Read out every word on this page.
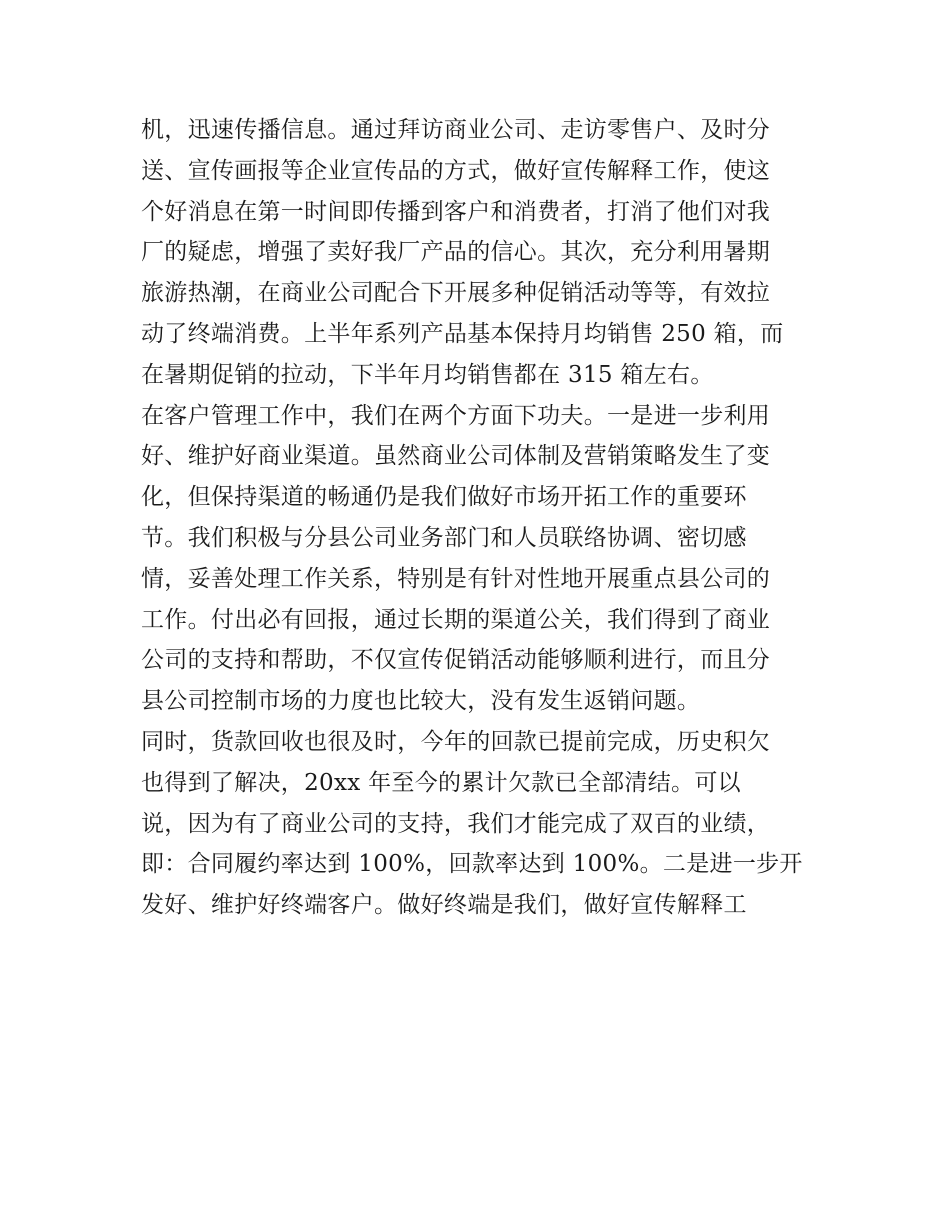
机，迅速传播信息。通过拜访商业公司、走访零售户、及时分
送、宣传画报等企业宣传品的方式，做好宣传解释工作，使这
个好消息在第一时间即传播到客户和消费者，打消了他们对我
厂的疑虑，增强了卖好我厂产品的信心。其次，充分利用暑期
旅游热潮，在商业公司配合下开展多种促销活动等等，有效拉
动了终端消费。上半年系列产品基本保持月均销售 250 箱，而
在暑期促销的拉动，下半年月均销售都在 315 箱左右。
在客户管理工作中，我们在两个方面下功夫。一是进一步利用
好、维护好商业渠道。虽然商业公司体制及营销策略发生了变
化，但保持渠道的畅通仍是我们做好市场开拓工作的重要环
节。我们积极与分县公司业务部门和人员联络协调、密切感
情，妥善处理工作关系，特别是有针对性地开展重点县公司的
工作。付出必有回报，通过长期的渠道公关，我们得到了商业
公司的支持和帮助，不仅宣传促销活动能够顺利进行，而且分
县公司控制市场的力度也比较大，没有发生返销问题。
同时，货款回收也很及时，今年的回款已提前完成，历史积欠
也得到了解决，20xx 年至今的累计欠款已全部清结。可以
说，因为有了商业公司的支持，我们才能完成了双百的业绩，
即：合同履约率达到 100%，回款率达到 100%。二是进一步开
发好、维护好终端客户。做好终端是我们，做好宣传解释工
